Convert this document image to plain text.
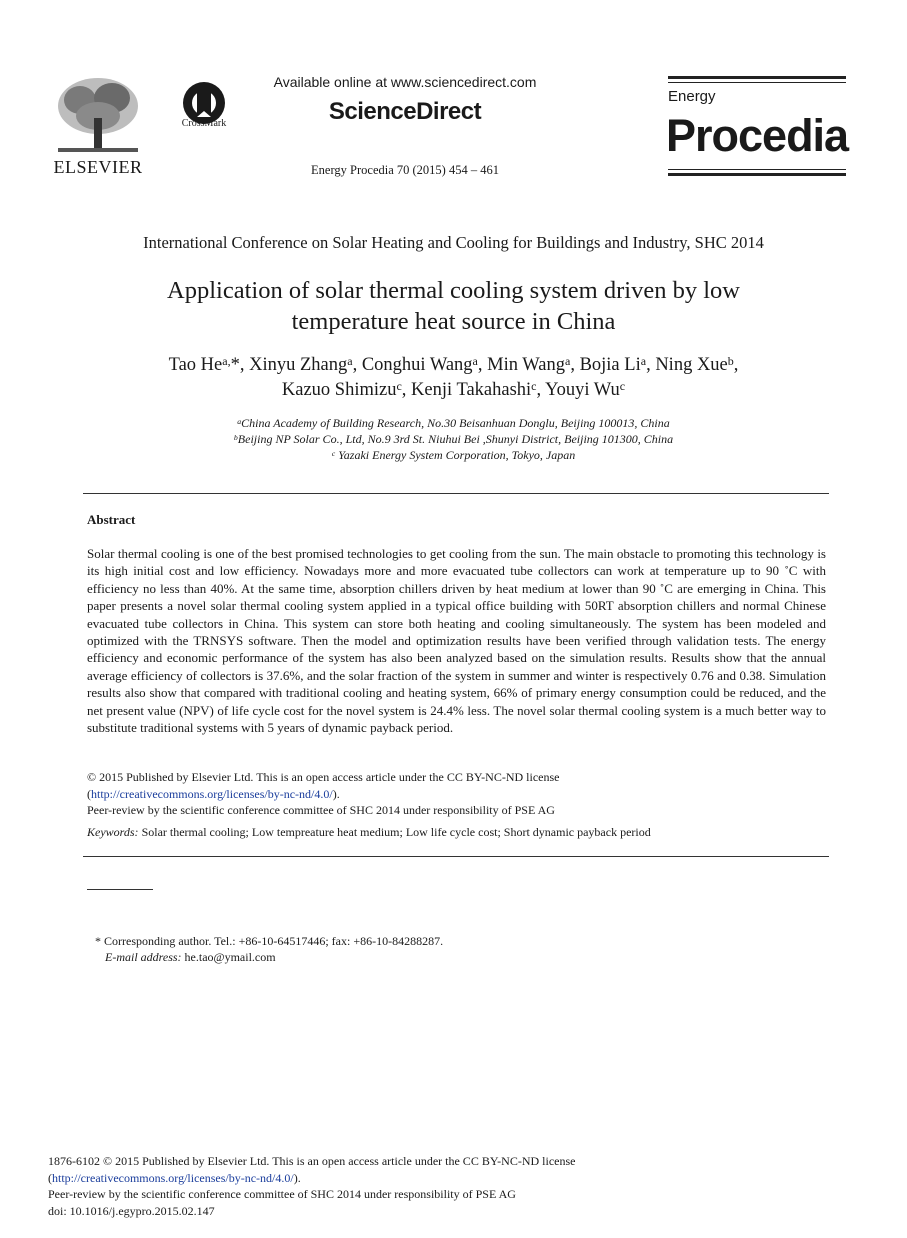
ELSEVIER
CrossMark
Available online at www.sciencedirect.com
ScienceDirect
Energy Procedia 70 (2015) 454 – 461
Energy
Procedia
International Conference on Solar Heating and Cooling for Buildings and Industry, SHC 2014
Application of solar thermal cooling system driven by low
temperature heat source in China
Tao $He^{a,}*$, Xinyu Zhang$^a$, Conghui Wang$^a$, Min Wang$^a$, Bojia Li$^a$, Ning Xue$^b$,
Kazuo Shimizu$^c$, Kenji Takahashi$^c$, Youyi Wu$^c$
$^a$China Academy of Building Research, No.30 Beisanhuan Donglu, Beijing 100013, China
$^b$Beijing NP Solar Co., Ltd, No.9 3rd St. Niuhui Bei ,Shunyi District, Beijing 101300, China
$^c$ Yazaki Energy System Corporation, Tokyo, Japan
Abstract
Solar thermal cooling is one of the best promised technologies to get cooling from the sun. The main obstacle to promoting this technology is its high initial cost and low efficiency. Nowadays more and more evacuated tube collectors can work at temperature up to 90 ˚C with efficiency no less than 40%. At the same time, absorption chillers driven by heat medium at lower than 90 ˚C are emerging in China. This paper presents a novel solar thermal cooling system applied in a typical office building with 50RT absorption chillers and normal Chinese evacuated tube collectors in China. This system can store both heating and cooling simultaneously. The system has been modeled and optimized with the TRNSYS software. Then the model and optimization results have been verified through validation tests. The energy efficiency and economic performance of the system has also been analyzed based on the simulation results. Results show that the annual average efficiency of collectors is 37.6%, and the solar fraction of the system in summer and winter is respectively 0.76 and 0.38. Simulation results also show that compared with traditional cooling and heating system, 66% of primary energy consumption could be reduced, and the net present value (NPV) of life cycle cost for the novel system is 24.4% less. The novel solar thermal cooling system is a much better way to substitute traditional systems with 5 years of dynamic payback period.
© 2015 Published by Elsevier Ltd. This is an open access article under the CC BY-NC-ND license
(http://creativecommons.org/licenses/by-nc-nd/4.0/).
Peer-review by the scientific conference committee of SHC 2014 under responsibility of PSE AG
Keywords: Solar thermal cooling; Low tempreature heat medium; Low life cycle cost; Short dynamic payback period
* Corresponding author. Tel.: +86-10-64517446; fax: +86-10-84288287.
E-mail address: he.tao@ymail.com
1876-6102 © 2015 Published by Elsevier Ltd. This is an open access article under the CC BY-NC-ND license
(http://creativecommons.org/licenses/by-nc-nd/4.0/).
Peer-review by the scientific conference committee of SHC 2014 under responsibility of PSE AG
doi: 10.1016/j.egypro.2015.02.147
